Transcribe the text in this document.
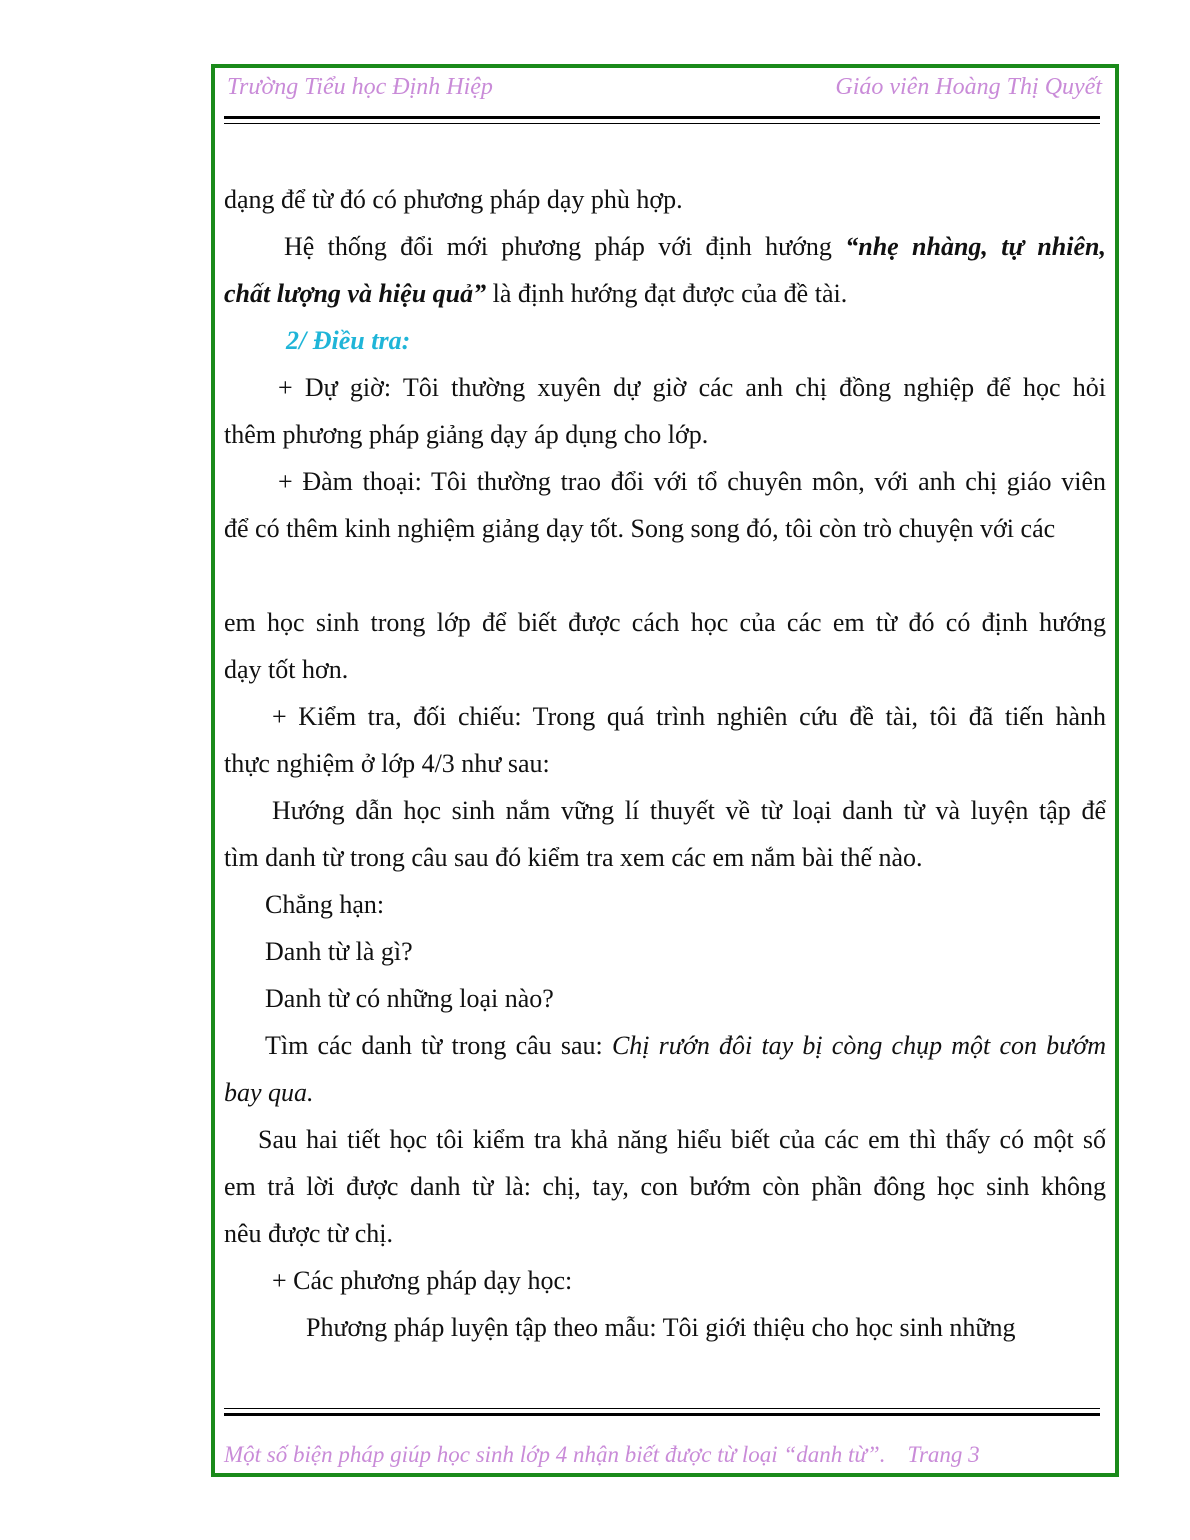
Trường Tiểu học Định Hiệp	Giáo viên Hoàng Thị Quyết
dạng để từ đó có phương pháp dạy phù hợp.
Hệ thống đổi mới phương pháp với định hướng “nhẹ nhàng, tự nhiên,
chất lượng và hiệu quả” là định hướng đạt được của đề tài.
2/ Điều tra:
+ Dự giờ: Tôi thường xuyên dự giờ các anh chị đồng nghiệp để học hỏi
thêm phương pháp giảng dạy áp dụng cho lớp.
+ Đàm thoại: Tôi thường trao đổi với tổ chuyên môn, với anh chị giáo viên
để có thêm kinh nghiệm giảng dạy tốt. Song song đó, tôi còn trò chuyện với các
em học sinh trong lớp để biết được cách học của các em từ đó có định hướng
dạy tốt hơn.
+ Kiểm tra, đối chiếu: Trong quá trình nghiên cứu đề tài, tôi đã tiến hành
thực nghiệm ở lớp 4/3 như sau:
Hướng dẫn học sinh nắm vững lí thuyết về từ loại danh từ và luyện tập để
tìm danh từ trong câu sau đó kiểm tra xem các em nắm bài thế nào.
Chẳng hạn:
Danh từ là gì?
Danh từ có những loại nào?
Tìm các danh từ trong câu sau: Chị rướn đôi tay bị còng chụp một con bướm
bay qua.
Sau hai tiết học tôi kiểm tra khả năng hiểu biết của các em thì thấy có một số
em trả lời được danh từ là: chị, tay, con bướm còn phần đông học sinh không
nêu được từ chị.
+ Các phương pháp dạy học:
Phương pháp luyện tập theo mẫu: Tôi giới thiệu cho học sinh những
Một số biện pháp giúp học sinh lớp 4 nhận biết được từ loại “danh từ”. Trang 3
